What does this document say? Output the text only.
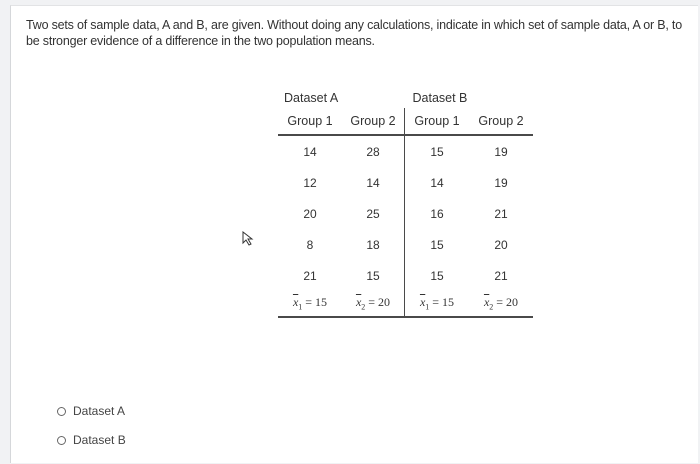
Two sets of sample data, A and B, are given. Without doing any calculations, indicate in which set of sample data, A or B, to be stronger evidence of a difference in the two population means.
Dataset A		Dataset B	
Group 1	Group 2	Group 1	Group 2
14	28	15	19
12	14	14	19
20	25	16	21
8	18	15	20
21	15	15	21
$\overline{x}_1 = 15$	$\overline{x}_2 = 20$	$\overline{x}_1 = 15$	$\overline{x}_2 = 20$
Dataset A
Dataset B
